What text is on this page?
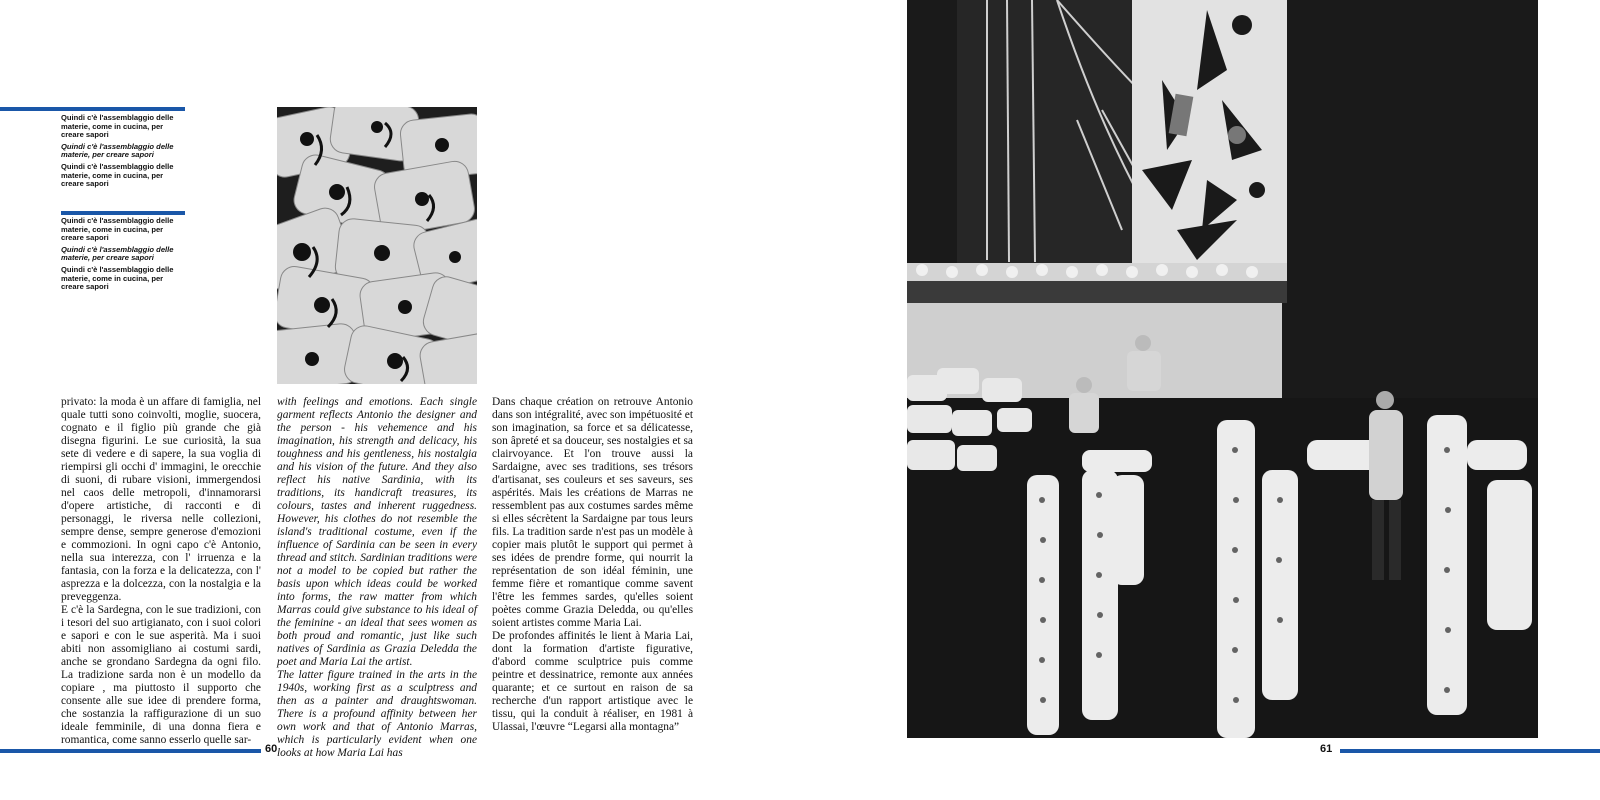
Quindi c'è l'assemblaggio delle materie, come in cucina, per creare sapori

Quindi c'è l'assemblaggio delle materie, per creare sapori

Quindi c'è l'assemblaggio delle materie, come in cucina, per creare sapori

Quindi c'è l'assemblaggio delle materie, come in cucina, per creare sapori

Quindi c'è l'assemblaggio delle materie, per creare sapori

Quindi c'è l'assemblaggio delle materie, come in cucina, per creare sapori

privato: la moda è un affare di famiglia, nel quale tutti sono coinvolti, moglie, suocera, cognato e il figlio più grande che già disegna figurini. Le sue curiosità, la sua sete di vedere e di sapere, la sua voglia di riempirsi gli occhi d' immagini, le orecchie di suoni, di rubare visioni, immergendosi nel caos delle metropoli, d'innamorarsi d'opere artistiche, di racconti e di personaggi, le riversa nelle collezioni, sempre dense, sempre generose d'emozioni e commozioni. In ogni capo c'è Antonio, nella sua interezza, con l' irruenza e la fantasia, con la forza e la delicatezza, con l' asprezza e la dolcezza, con la nostalgia e la preveggenza.

E c'è la Sardegna, con le sue tradizioni, con i tesori del suo artigianato, con i suoi colori e sapori e con le sue asperità. Ma i suoi abiti non assomigliano ai costumi sardi, anche se grondano Sardegna da ogni filo. La tradizione sarda non è un modello da copiare , ma piuttosto il supporto che consente alle sue idee di prendere forma, che sostanzia la raffigurazione di un suo ideale femminile, di una donna fiera e romantica, come sanno esserlo quelle sar-

with feelings and emotions. Each single garment reflects Antonio the designer and the person - his vehemence and his imagination, his strength and delicacy, his toughness and his gentleness, his nostalgia and his vision of the future. And they also reflect his native Sardinia, with its traditions, its handicraft treasures, its colours, tastes and inherent ruggedness. However, his clothes do not resemble the island's traditional costume, even if the influence of Sardinia can be seen in every thread and stitch. Sardinian traditions were not a model to be copied but rather the basis upon which ideas could be worked into forms, the raw matter from which Marras could give substance to his ideal of the feminine - an ideal that sees women as both proud and romantic, just like such natives of Sardinia as Grazia Deledda the poet and Maria Lai the artist.

The latter figure trained in the arts in the 1940s, working first as a sculptress and then as a painter and draughtswoman. There is a profound affinity between her own work and that of Antonio Marras, which is particularly evident when one looks at how Maria Lai has

Dans chaque création on retrouve Antonio dans son intégralité, avec son impétuosité et son imagination, sa force et sa délicatesse, son âpreté et sa douceur, ses nostalgies et sa clairvoyance. Et l'on trouve aussi la Sardaigne, avec ses traditions, ses trésors d'artisanat, ses couleurs et ses saveurs, ses aspérités. Mais les créations de Marras ne ressemblent pas aux costumes sardes même si elles sécrètent la Sardaigne par tous leurs fils. La tradition sarde n'est pas un modèle à copier mais plutôt le support qui permet à ses idées de prendre forme, qui nourrit la représentation de son idéal féminin, une femme fière et romantique comme savent l'être les femmes sardes, qu'elles soient poètes comme Grazia Deledda, ou qu'elles soient artistes comme Maria Lai.

De profondes affinités le lient à Maria Lai, dont la formation d'artiste figurative, d'abord comme sculptrice puis comme peintre et dessinatrice, remonte aux années quarante; et ce surtout en raison de sa recherche d'un rapport artistique avec le tissu, qui la conduit à réaliser, en 1981 à Ulassai, l'œuvre “Legarsi alla montagna”

60	61
